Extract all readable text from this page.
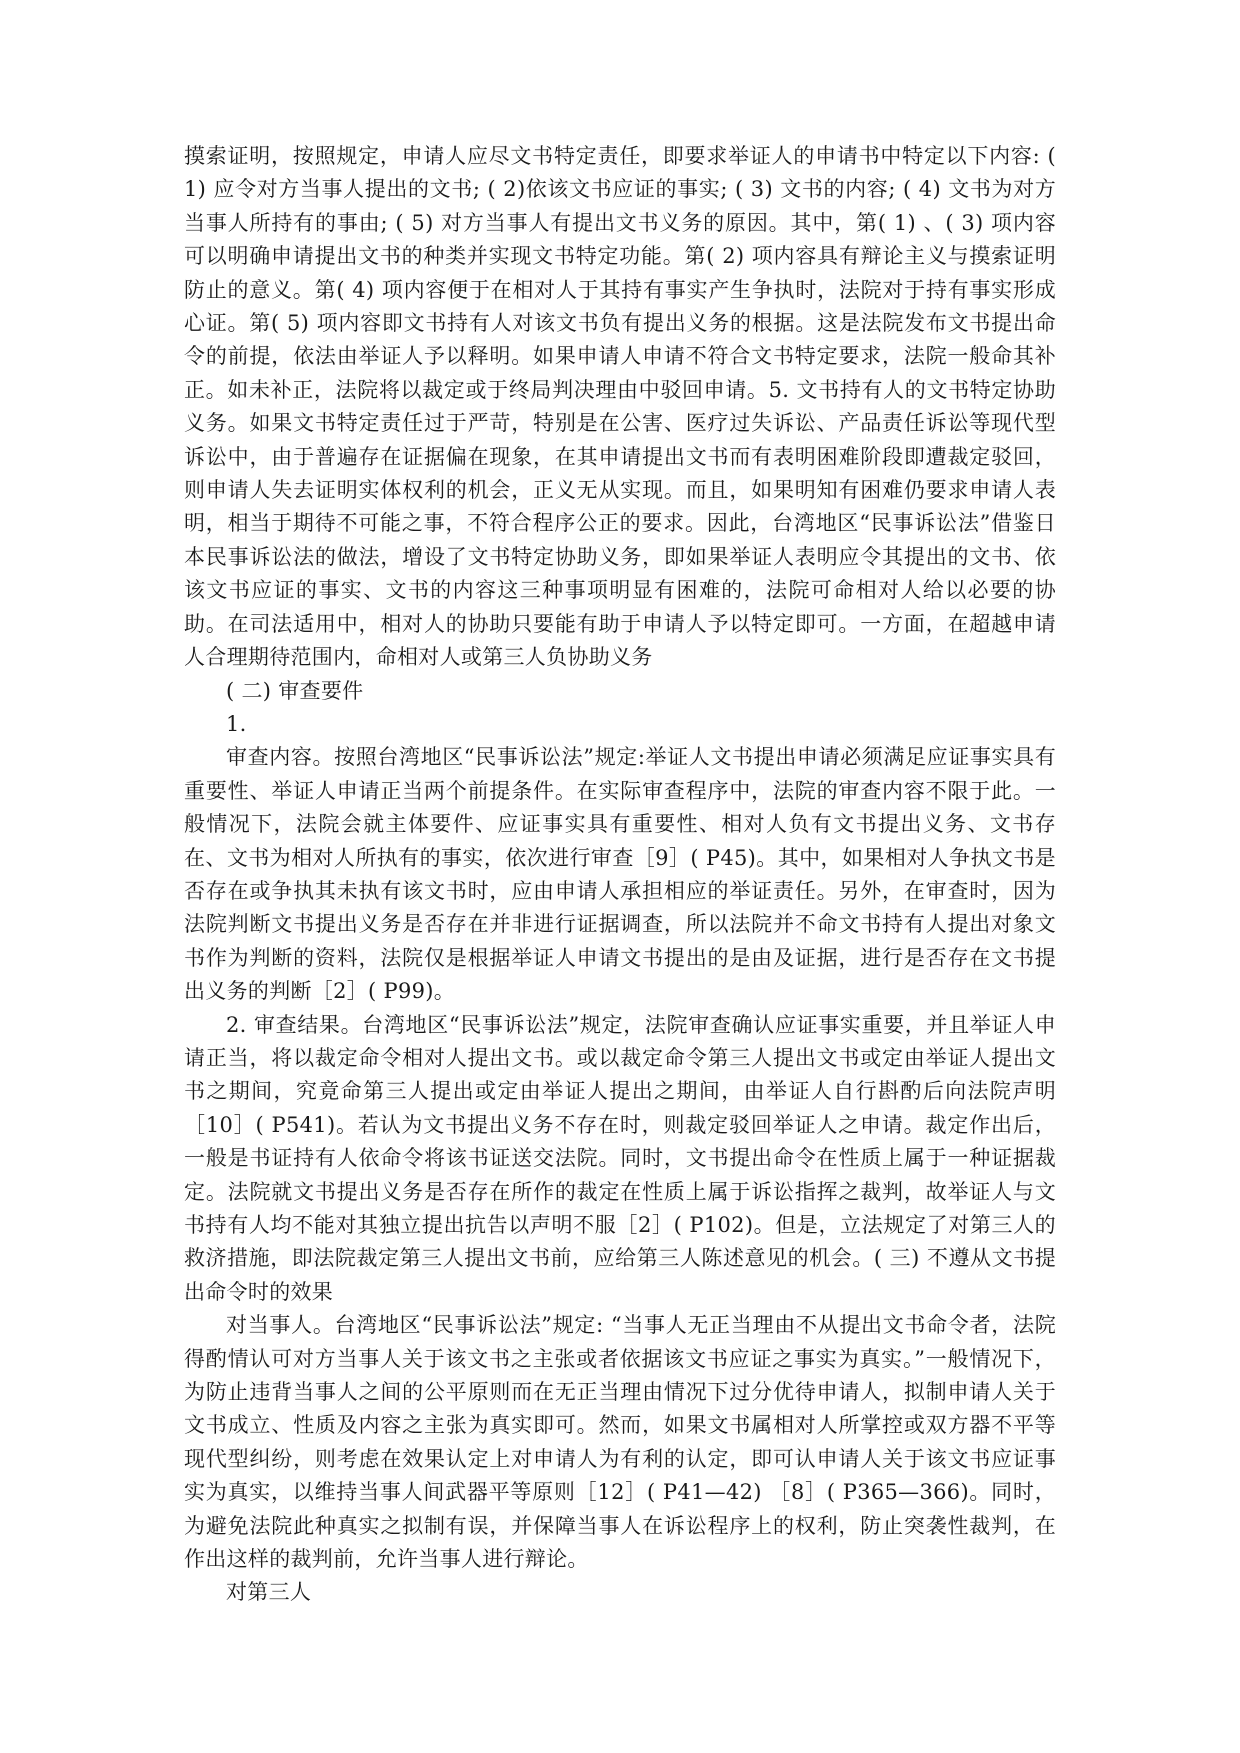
摸索证明，按照规定，申请人应尽文书特定责任，即要求举证人的申请书中特定以下内容: ( 1) 应令对方当事人提出的文书; ( 2)依该文书应证的事实; ( 3) 文书的内容; ( 4) 文书为对方当事人所持有的事由; ( 5) 对方当事人有提出文书义务的原因。其中，第( 1) 、( 3) 项内容可以明确申请提出文书的种类并实现文书特定功能。第( 2) 项内容具有辩论主义与摸索证明防止的意义。第( 4) 项内容便于在相对人于其持有事实产生争执时，法院对于持有事实形成心证。第( 5) 项内容即文书持有人对该文书负有提出义务的根据。这是法院发布文书提出命令的前提，依法由举证人予以释明。如果申请人申请不符合文书特定要求，法院一般命其补正。如未补正，法院将以裁定或于终局判决理由中驳回申请。5. 文书持有人的文书特定协助义务。如果文书特定责任过于严苛，特别是在公害、医疗过失诉讼、产品责任诉讼等现代型诉讼中，由于普遍存在证据偏在现象，在其申请提出文书而有表明困难阶段即遭裁定驳回，则申请人失去证明实体权利的机会，正义无从实现。而且，如果明知有困难仍要求申请人表明，相当于期待不可能之事，不符合程序公正的要求。因此，台湾地区“民事诉讼法”借鉴日本民事诉讼法的做法，增设了文书特定协助义务，即如果举证人表明应令其提出的文书、依该文书应证的事实、文书的内容这三种事项明显有困难的，法院可命相对人给以必要的协助。在司法适用中，相对人的协助只要能有助于申请人予以特定即可。一方面，在超越申请人合理期待范围内，命相对人或第三人负协助义务

( 二) 审查要件

1.

审查内容。按照台湾地区“民事诉讼法”规定:举证人文书提出申请必须满足应证事实具有重要性、举证人申请正当两个前提条件。在实际审查程序中，法院的审查内容不限于此。一般情况下，法院会就主体要件、应证事实具有重要性、相对人负有文书提出义务、文书存在、文书为相对人所执有的事实，依次进行审查［9］( P45)。其中，如果相对人争执文书是否存在或争执其未执有该文书时，应由申请人承担相应的举证责任。另外，在审查时，因为法院判断文书提出义务是否存在并非进行证据调查，所以法院并不命文书持有人提出对象文书作为判断的资料，法院仅是根据举证人申请文书提出的是由及证据，进行是否存在文书提出义务的判断［2］( P99)。

2. 审查结果。台湾地区“民事诉讼法”规定，法院审查确认应证事实重要，并且举证人申请正当，将以裁定命令相对人提出文书。或以裁定命令第三人提出文书或定由举证人提出文书之期间，究竟命第三人提出或定由举证人提出之期间，由举证人自行斟酌后向法院声明［10］( P541)。若认为文书提出义务不存在时，则裁定驳回举证人之申请。裁定作出后，一般是书证持有人依命令将该书证送交法院。同时，文书提出命令在性质上属于一种证据裁定。法院就文书提出义务是否存在所作的裁定在性质上属于诉讼指挥之裁判，故举证人与文书持有人均不能对其独立提出抗告以声明不服［2］( P102)。但是，立法规定了对第三人的救济措施，即法院裁定第三人提出文书前，应给第三人陈述意见的机会。( 三) 不遵从文书提出命令时的效果

对当事人。台湾地区“民事诉讼法”规定: “当事人无正当理由不从提出文书命令者，法院得酌情认可对方当事人关于该文书之主张或者依据该文书应证之事实为真实。”一般情况下，为防止违背当事人之间的公平原则而在无正当理由情况下过分优待申请人，拟制申请人关于文书成立、性质及内容之主张为真实即可。然而，如果文书属相对人所掌控或双方器不平等现代型纠纷，则考虑在效果认定上对申请人为有利的认定，即可认申请人关于该文书应证事实为真实，以维持当事人间武器平等原则［12］( P41—42) ［8］( P365—366)。同时，为避免法院此种真实之拟制有误，并保障当事人在诉讼程序上的权利，防止突袭性裁判，在作出这样的裁判前，允许当事人进行辩论。

对第三人
